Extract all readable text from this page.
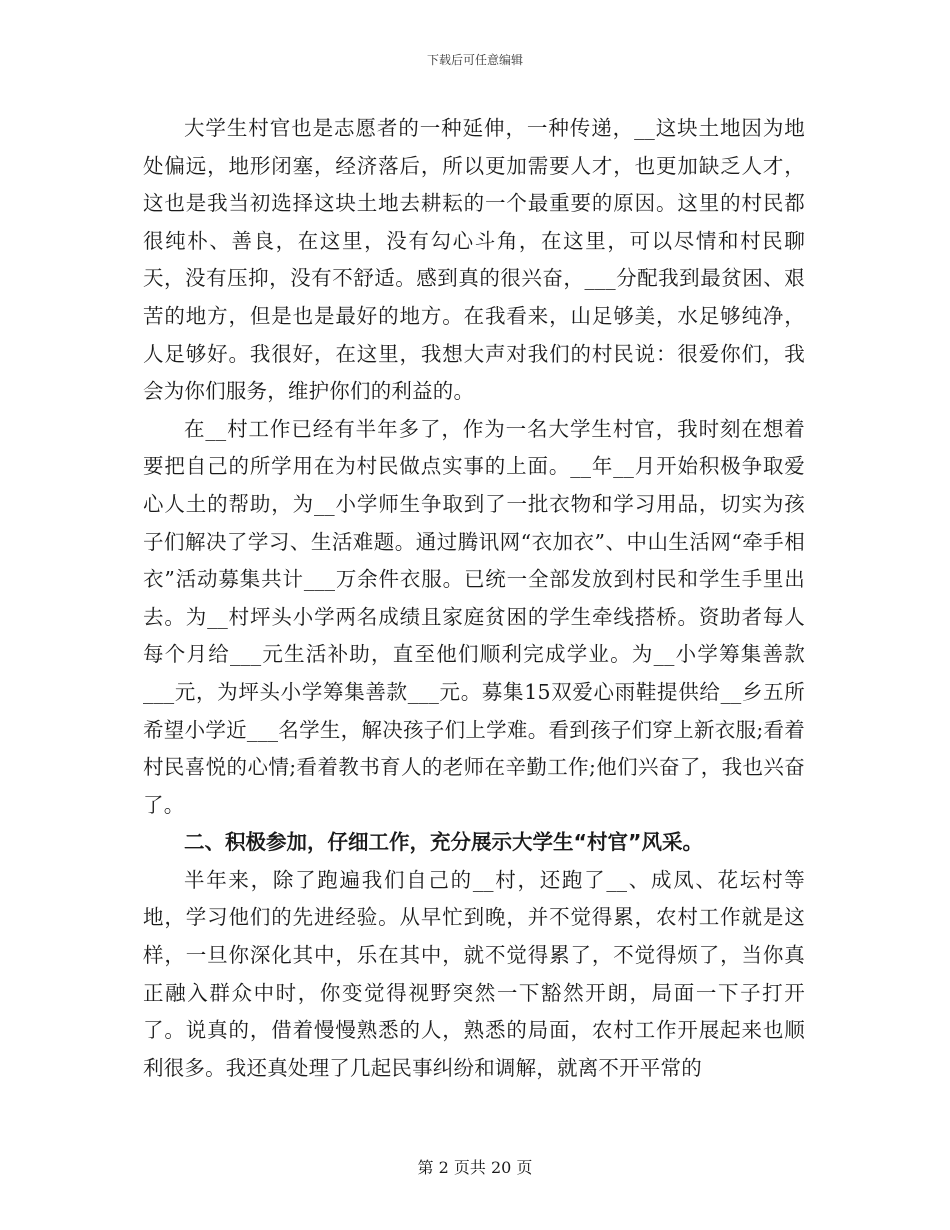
下载后可任意编辑

大学生村官也是志愿者的一种延伸，一种传递，__这块土地因为地处偏远，地形闭塞，经济落后，所以更加需要人才，也更加缺乏人才，这也是我当初选择这块土地去耕耘的一个最重要的原因。这里的村民都很纯朴、善良，在这里，没有勾心斗角，在这里，可以尽情和村民聊天，没有压抑，没有不舒适。感到真的很兴奋，___分配我到最贫困、艰苦的地方，但是也是最好的地方。在我看来，山足够美，水足够纯净，人足够好。我很好，在这里，我想大声对我们的村民说：很爱你们，我会为你们服务，维护你们的利益的。

在__村工作已经有半年多了，作为一名大学生村官，我时刻在想着要把自己的所学用在为村民做点实事的上面。__年__月开始积极争取爱心人土的帮助，为__小学师生争取到了一批衣物和学习用品，切实为孩子们解决了学习、生活难题。通过腾讯网“衣加衣”、中山生活网“牵手相衣”活动募集共计___万余件衣服。已统一全部发放到村民和学生手里出去。为__村坪头小学两名成绩且家庭贫困的学生牵线搭桥。资助者每人每个月给___元生活补助，直至他们顺利完成学业。为__小学筹集善款___元，为坪头小学筹集善款___元。募集15双爱心雨鞋提供给__乡五所希望小学近___名学生，解决孩子们上学难。看到孩子们穿上新衣服;看着村民喜悦的心情;看着教书育人的老师在辛勤工作;他们兴奋了，我也兴奋了。

二、积极参加，仔细工作，充分展示大学生“村官”风采。

半年来，除了跑遍我们自己的__村，还跑了__、成凤、花坛村等地，学习他们的先进经验。从早忙到晚，并不觉得累，农村工作就是这样，一旦你深化其中，乐在其中，就不觉得累了，不觉得烦了，当你真正融入群众中时，你变觉得视野突然一下豁然开朗，局面一下子打开了。说真的，借着慢慢熟悉的人，熟悉的局面，农村工作开展起来也顺利很多。我还真处理了几起民事纠纷和调解，就离不开平常的

第 2 页共 20 页
